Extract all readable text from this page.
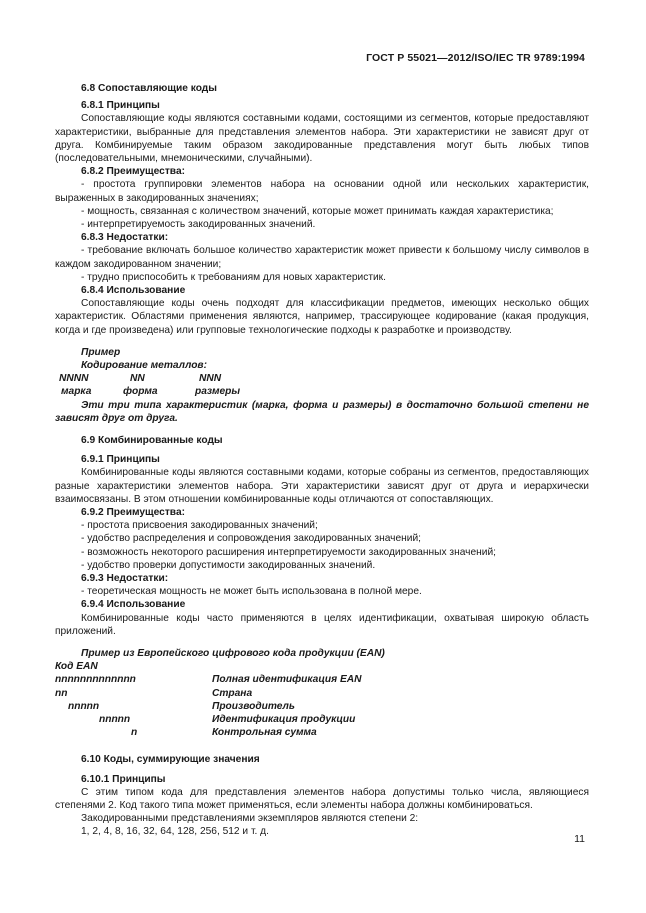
ГОСТ Р 55021—2012/ISO/IEC TR 9789:1994

6.8 Сопоставляющие коды

6.8.1 Принципы

Сопоставляющие коды являются составными кодами, состоящими из сегментов, которые предоставляют характеристики, выбранные для представления элементов набора. Эти характеристики не зависят друг от друга. Комбинируемые таким образом закодированные представления могут быть любых типов (последовательными, мнемоническими, случайными).

6.8.2 Преимущества:

- простота группировки элементов набора на основании одной или нескольких характеристик, выраженных в закодированных значениях;

- мощность, связанная с количеством значений, которые может принимать каждая характеристика;

- интерпретируемость закодированных значений.

6.8.3 Недостатки:

- требование включать большое количество характеристик может привести к большому числу символов в каждом закодированном значении;

- трудно приспособить к требованиям для новых характеристик.

6.8.4 Использование

Сопоставляющие коды очень подходят для классификации предметов, имеющих несколько общих характеристик. Областями применения являются, например, трассирующее кодирование (какая продукция, когда и где произведена) или групповые технологические подходы к разработке и производству.

Пример

Кодирование металлов:

NNNN	NN	NNN
марка	форма	размеры

Эти три типа характеристик (марка, форма и размеры) в достаточно большой степени не зависят друг от друга.

6.9 Комбинированные коды

6.9.1 Принципы

Комбинированные коды являются составными кодами, которые собраны из сегментов, предоставляющих разные характеристики элементов набора. Эти характеристики зависят друг от друга и иерархически взаимосвязаны. В этом отношении комбинированные коды отличаются от сопоставляющих.

6.9.2 Преимущества:

- простота присвоения закодированных значений;

- удобство распределения и сопровождения закодированных значений;

- возможность некоторого расширения интерпретируемости закодированных значений;

- удобство проверки допустимости закодированных значений.

6.9.3 Недостатки:

- теоретическая мощность не может быть использована в полной мере.

6.9.4 Использование

Комбинированные коды часто применяются в целях идентификации, охватывая широкую область приложений.

Пример из Европейского цифрового кода продукции (EAN)

Код EAN
nnnnnnnnnnnnn	Полная идентификация EAN
nn	Страна
nnnnn	Производитель
nnnnn	Идентификация продукции
n	Контрольная сумма

6.10 Коды, суммирующие значения

6.10.1 Принципы

С этим типом кода для представления элементов набора допустимы только числа, являющиеся степенями 2. Код такого типа может применяться, если элементы набора должны комбинироваться.

Закодированными представлениями экземпляров являются степени 2:

1, 2, 4, 8, 16, 32, 64, 128, 256, 512 и т. д.

11
